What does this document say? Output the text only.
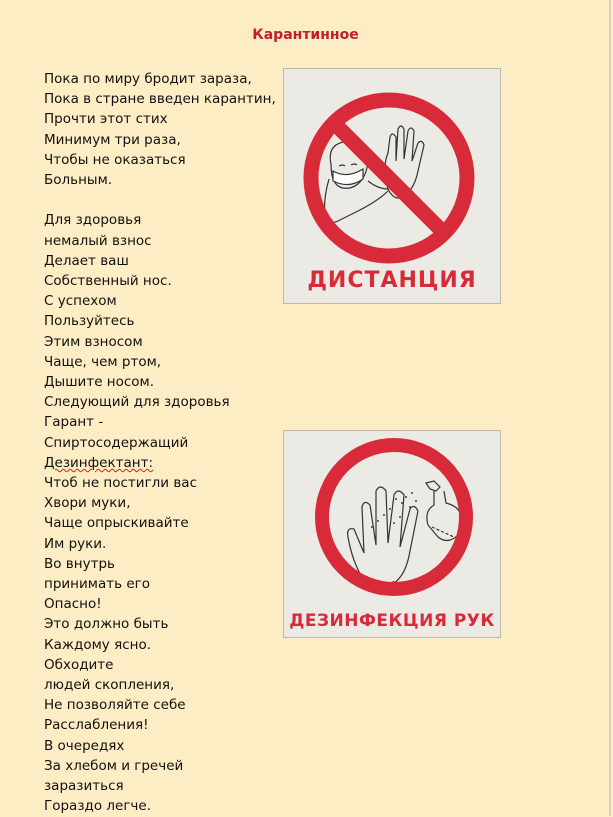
Карантинное
Пока по миру бродит зараза,
Пока в стране введен карантин,
Прочти этот стих
Минимум три раза,
Чтобы не оказаться
Больным.
Для здоровья
немалый взнос
Делает ваш
Собственный нос.
С успехом
Пользуйтесь
Этим взносом
Чаще, чем ртом,
Дышите носом.
Следующий для здоровья
Гарант -
Спиртосодержащий
Дезинфектант:
Чтоб не постигли вас
Хвори муки,
Чаще опрыскивайте
Им руки.
Во внутрь
принимать его
Опасно!
Это должно быть
Каждому ясно.
Обходите
людей скопления,
Не позволяйте себе
Расслабления!
В очередях
За хлебом и гречей
заразиться
Гораздо легче.
ДИСТАНЦИЯ
ДЕЗИНФЕКЦИЯ РУК
